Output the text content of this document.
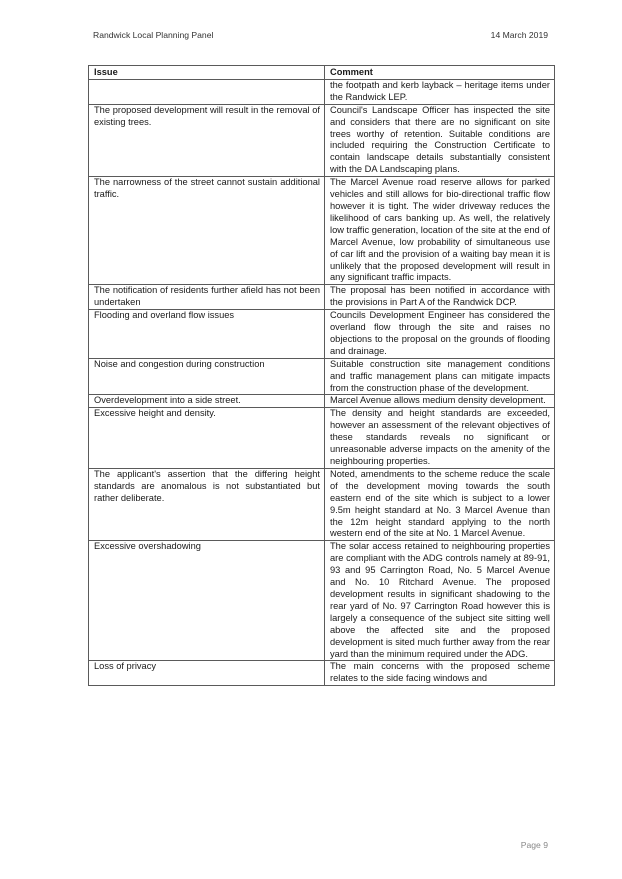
Randwick Local Planning Panel	14 March 2019
Issue	Comment
	the footpath and kerb layback – heritage items under the Randwick LEP.
The proposed development will result in the removal of existing trees.	Council's Landscape Officer has inspected the site and considers that there are no significant on site trees worthy of retention. Suitable conditions are included requiring the Construction Certificate to contain landscape details substantially consistent with the DA Landscaping plans.
The narrowness of the street cannot sustain additional traffic.	The Marcel Avenue road reserve allows for parked vehicles and still allows for bio-directional traffic flow however it is tight. The wider driveway reduces the likelihood of cars banking up. As well, the relatively low traffic generation, location of the site at the end of Marcel Avenue, low probability of simultaneous use of car lift and the provision of a waiting bay mean it is unlikely that the proposed development will result in any significant traffic impacts.
The notification of residents further afield has not been undertaken	The proposal has been notified in accordance with the provisions in Part A of the Randwick DCP.
Flooding and overland flow issues	Councils Development Engineer has considered the overland flow through the site and raises no objections to the proposal on the grounds of flooding and drainage.
Noise and congestion during construction	Suitable construction site management conditions and traffic management plans can mitigate impacts from the construction phase of the development.
Overdevelopment into a side street.	Marcel Avenue allows medium density development.
Excessive height and density.	The density and height standards are exceeded, however an assessment of the relevant objectives of these standards reveals no significant or unreasonable adverse impacts on the amenity of the neighbouring properties.
The applicant's assertion that the differing height standards are anomalous is not substantiated but rather deliberate.	Noted, amendments to the scheme reduce the scale of the development moving towards the south eastern end of the site which is subject to a lower 9.5m height standard at No. 3 Marcel Avenue than the 12m height standard applying to the north western end of the site at No. 1 Marcel Avenue.
Excessive overshadowing	The solar access retained to neighbouring properties are compliant with the ADG controls namely at 89-91, 93 and 95 Carrington Road, No. 5 Marcel Avenue and No. 10 Ritchard Avenue. The proposed development results in significant shadowing to the rear yard of No. 97 Carrington Road however this is largely a consequence of the subject site sitting well above the affected site and the proposed development is sited much further away from the rear yard than the minimum required under the ADG.
Loss of privacy	The main concerns with the proposed scheme relates to the side facing windows and
Page 9
